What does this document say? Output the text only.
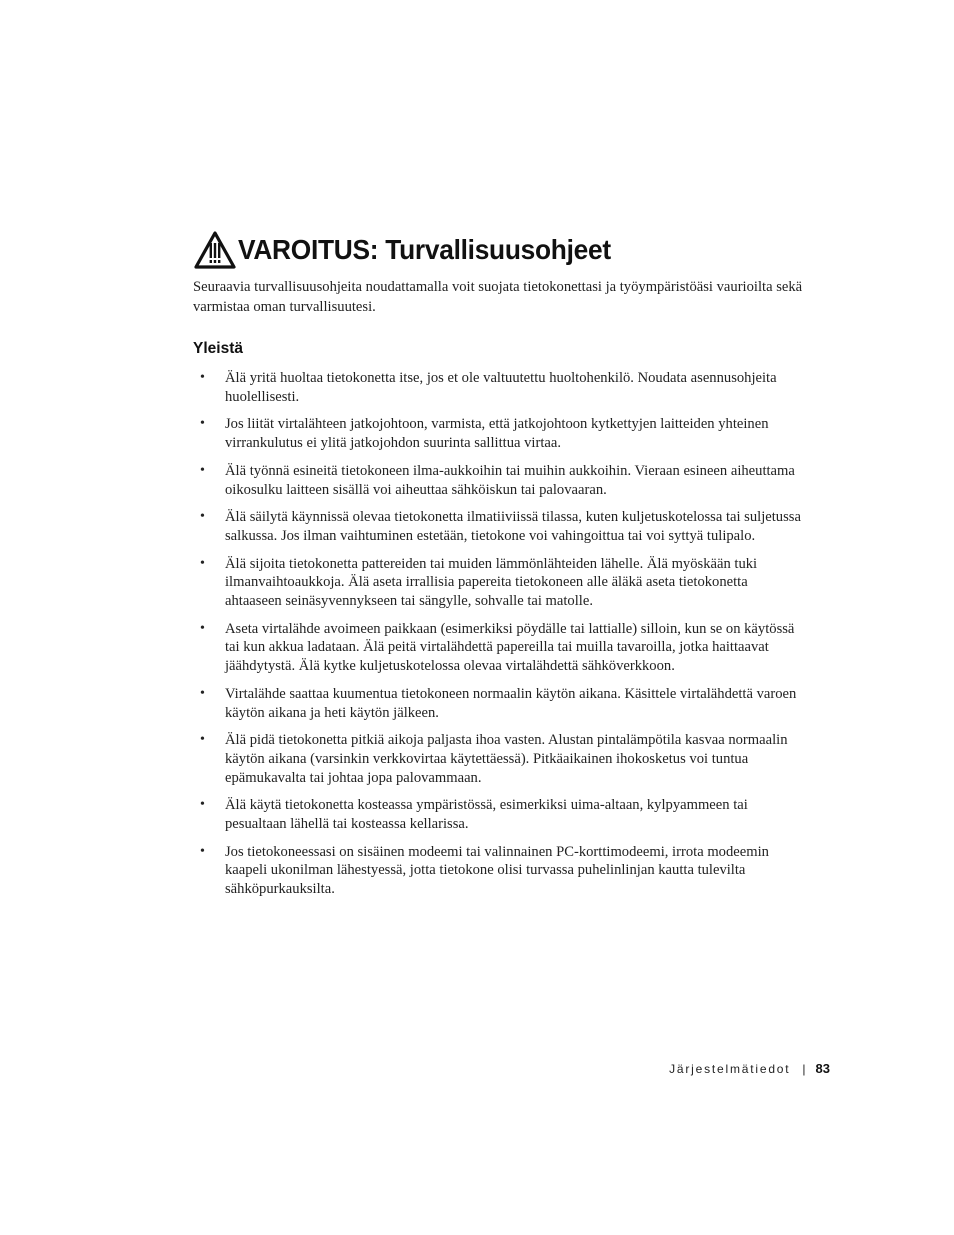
VAROITUS: Turvallisuusohjeet

Seuraavia turvallisuusohjeita noudattamalla voit suojata tietokonettasi ja työympäristöäsi vaurioilta sekä varmistaa oman turvallisuutesi.

Yleistä
• Älä yritä huoltaa tietokonetta itse, jos et ole valtuutettu huoltohenkilö. Noudata asennusohjeita huolellisesti.
• Jos liität virtalähteen jatkojohtoon, varmista, että jatkojohtoon kytkettyjen laitteiden yhteinen virrankulutus ei ylitä jatkojohdon suurinta sallittua virtaa.
• Älä työnnä esineitä tietokoneen ilma-aukkoihin tai muihin aukkoihin. Vieraan esineen aiheuttama oikosulku laitteen sisällä voi aiheuttaa sähköiskun tai palovaaran.
• Älä säilytä käynnissä olevaa tietokonetta ilmatiiviissä tilassa, kuten kuljetuskotelossa tai suljetussa salkussa. Jos ilman vaihtuminen estetään, tietokone voi vahingoittua tai voi syttyä tulipalo.
• Älä sijoita tietokonetta pattereiden tai muiden lämmönlähteiden lähelle. Älä myöskään tuki ilmanvaihtoaukkoja. Älä aseta irrallisia papereita tietokoneen alle äläkä aseta tietokonetta ahtaaseen seinäsyvennykseen tai sängylle, sohvalle tai matolle.
• Aseta virtalähde avoimeen paikkaan (esimerkiksi pöydälle tai lattialle) silloin, kun se on käytössä tai kun akkua ladataan. Älä peitä virtalähdettä papereilla tai muilla tavaroilla, jotka haittaavat jäähdytystä. Älä kytke kuljetuskotelossa olevaa virtalähdettä sähköverkkoon.
• Virtalähde saattaa kuumentua tietokoneen normaalin käytön aikana. Käsittele virtalähdettä varoen käytön aikana ja heti käytön jälkeen.
• Älä pidä tietokonetta pitkiä aikoja paljasta ihoa vasten. Alustan pintalämpötila kasvaa normaalin käytön aikana (varsinkin verkkovirtaa käytettäessä). Pitkäaikainen ihokosketus voi tuntua epämukavalta tai johtaa jopa palovammaan.
• Älä käytä tietokonetta kosteassa ympäristössä, esimerkiksi uima-altaan, kylpyammeen tai pesualtaan lähellä tai kosteassa kellarissa.
• Jos tietokoneessasi on sisäinen modeemi tai valinnainen PC-korttimodeemi, irrota modeemin kaapeli ukonilman lähestyessä, jotta tietokone olisi turvassa puhelinlinjan kautta tulevilta sähköpurkauksilta.
Järjestelmätiedot | 83
